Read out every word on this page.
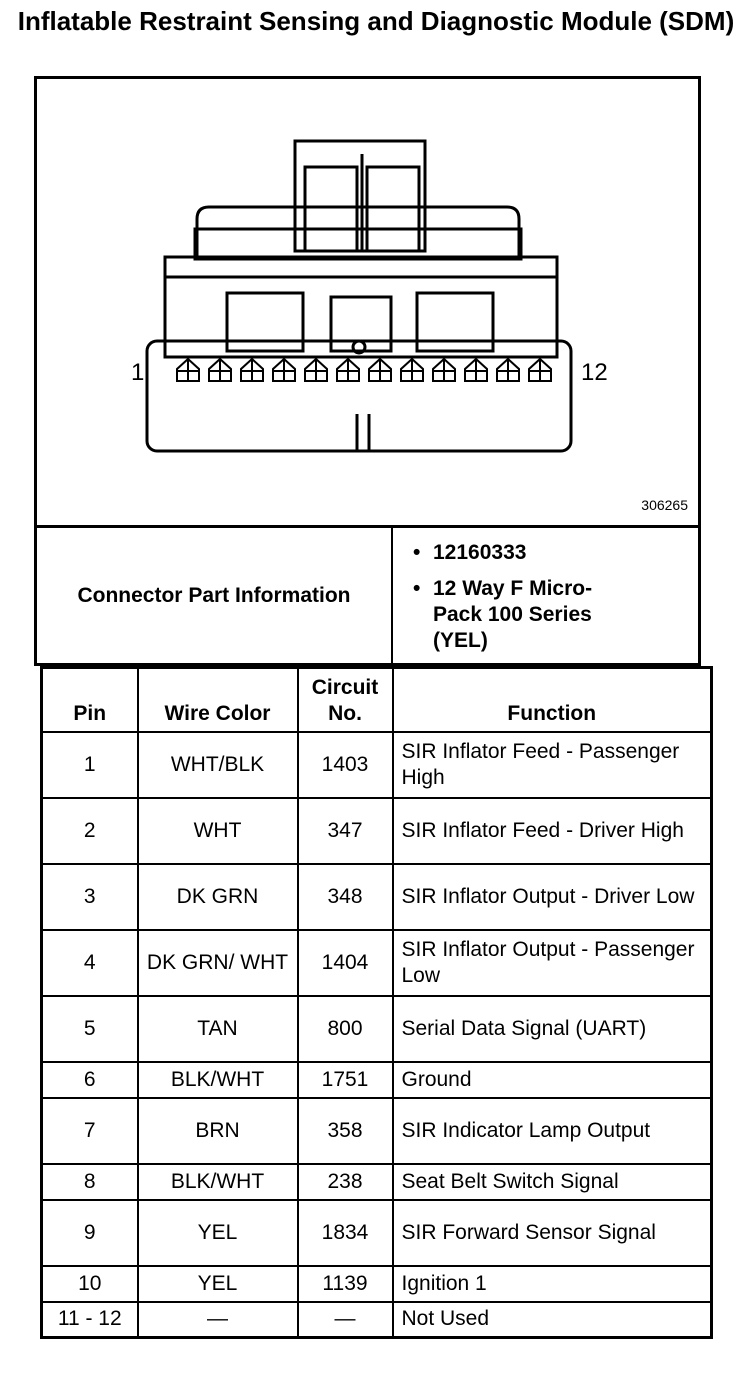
Inflatable Restraint Sensing and Diagnostic Module (SDM)
1	12
306265
Connector Part Information
• 12160333
• 12 Way F Micro-Pack 100 Series (YEL)
Pin	Wire Color	Circuit No.	Function
1	WHT/BLK	1403	SIR Inflator Feed - Passenger High
2	WHT	347	SIR Inflator Feed - Driver High
3	DK GRN	348	SIR Inflator Output - Driver Low
4	DK GRN/ WHT	1404	SIR Inflator Output - Passenger Low
5	TAN	800	Serial Data Signal (UART)
6	BLK/WHT	1751	Ground
7	BRN	358	SIR Indicator Lamp Output
8	BLK/WHT	238	Seat Belt Switch Signal
9	YEL	1834	SIR Forward Sensor Signal
10	YEL	1139	Ignition 1
11 - 12	—	—	Not Used
